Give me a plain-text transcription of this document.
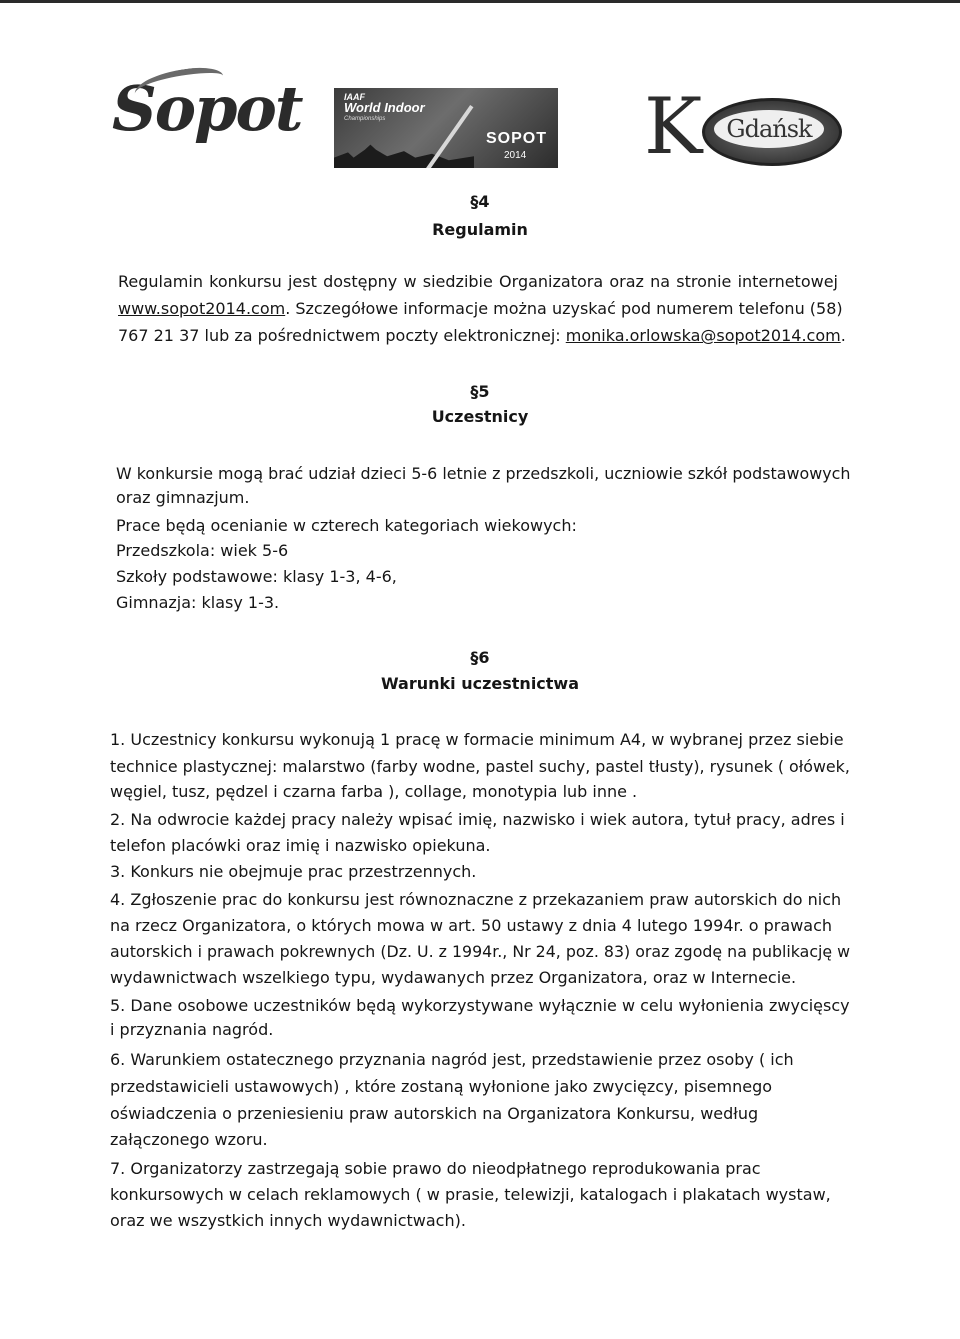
Sopot	IAAF
World Indoor
Championships
SOPOT
2014 K	Gdańsk
§4
Regulamin
Regulamin konkursu jest dostępny w siedzibie Organizatora oraz na stronie internetowej
www.sopot2014.com. Szczegółowe informacje można uzyskać pod numerem telefonu (58)
767 21 37 lub za pośrednictwem poczty elektronicznej: monika.orlowska@sopot2014.com.
§5
Uczestnicy
W konkursie mogą brać udział dzieci 5-6 letnie z przedszkoli, uczniowie szkół podstawowych
oraz gimnazjum.
Prace będą ocenianie w czterech kategoriach wiekowych:
Przedszkola: wiek 5-6
Szkoły podstawowe: klasy 1-3, 4-6,
Gimnazja: klasy 1-3.
§6
Warunki uczestnictwa
1. Uczestnicy konkursu wykonują 1 pracę w formacie minimum A4, w wybranej przez siebie
technice plastycznej: malarstwo (farby wodne, pastel suchy, pastel tłusty), rysunek ( ołówek,
węgiel, tusz, pędzel i czarna farba ), collage, monotypia lub inne .
2. Na odwrocie każdej pracy należy wpisać imię, nazwisko i wiek autora, tytuł pracy, adres i
telefon placówki oraz imię i nazwisko opiekuna.
3. Konkurs nie obejmuje prac przestrzennych.
4. Zgłoszenie prac do konkursu jest równoznaczne z przekazaniem praw autorskich do nich
na rzecz Organizatora, o których mowa w art. 50 ustawy z dnia 4 lutego 1994r. o prawach
autorskich i prawach pokrewnych (Dz. U. z 1994r., Nr 24, poz. 83) oraz zgodę na publikację w
wydawnictwach wszelkiego typu, wydawanych przez Organizatora, oraz w Internecie.
5. Dane osobowe uczestników będą wykorzystywane wyłącznie w celu wyłonienia zwycięscy
i przyznania nagród.
6. Warunkiem ostatecznego przyznania nagród jest, przedstawienie przez osoby ( ich
przedstawicieli ustawowych) , które zostaną wyłonione jako zwycięzcy, pisemnego
oświadczenia o przeniesieniu praw autorskich na Organizatora Konkursu, według
załączonego wzoru.
7. Organizatorzy zastrzegają sobie prawo do nieodpłatnego reprodukowania prac
konkursowych w celach reklamowych ( w prasie, telewizji, katalogach i plakatach wystaw,
oraz we wszystkich innych wydawnictwach).
